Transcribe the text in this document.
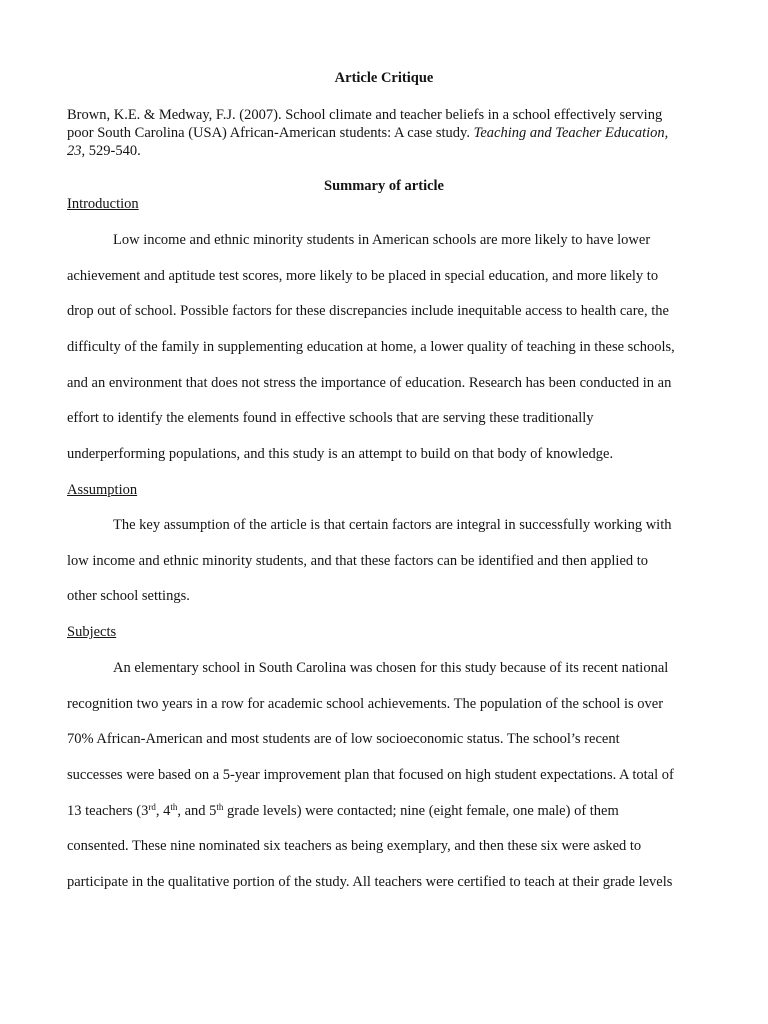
Article Critique
Brown, K.E. & Medway, F.J. (2007). School climate and teacher beliefs in a school effectively serving
poor South Carolina (USA) African-American students: A case study. Teaching and Teacher Education,
23, 529-540.
Summary of article
Introduction
Low income and ethnic minority students in American schools are more likely to have lower
achievement and aptitude test scores, more likely to be placed in special education, and more likely to
drop out of school. Possible factors for these discrepancies include inequitable access to health care, the
difficulty of the family in supplementing education at home, a lower quality of teaching in these schools,
and an environment that does not stress the importance of education. Research has been conducted in an
effort to identify the elements found in effective schools that are serving these traditionally
underperforming populations, and this study is an attempt to build on that body of knowledge.
Assumption
The key assumption of the article is that certain factors are integral in successfully working with
low income and ethnic minority students, and that these factors can be identified and then applied to
other school settings.
Subjects
An elementary school in South Carolina was chosen for this study because of its recent national
recognition two years in a row for academic school achievements. The population of the school is over
70% African-American and most students are of low socioeconomic status. The school’s recent
successes were based on a 5-year improvement plan that focused on high student expectations. A total of
13 teachers (3rd, 4th, and 5th grade levels) were contacted; nine (eight female, one male) of them
consented. These nine nominated six teachers as being exemplary, and then these six were asked to
participate in the qualitative portion of the study. All teachers were certified to teach at their grade levels
